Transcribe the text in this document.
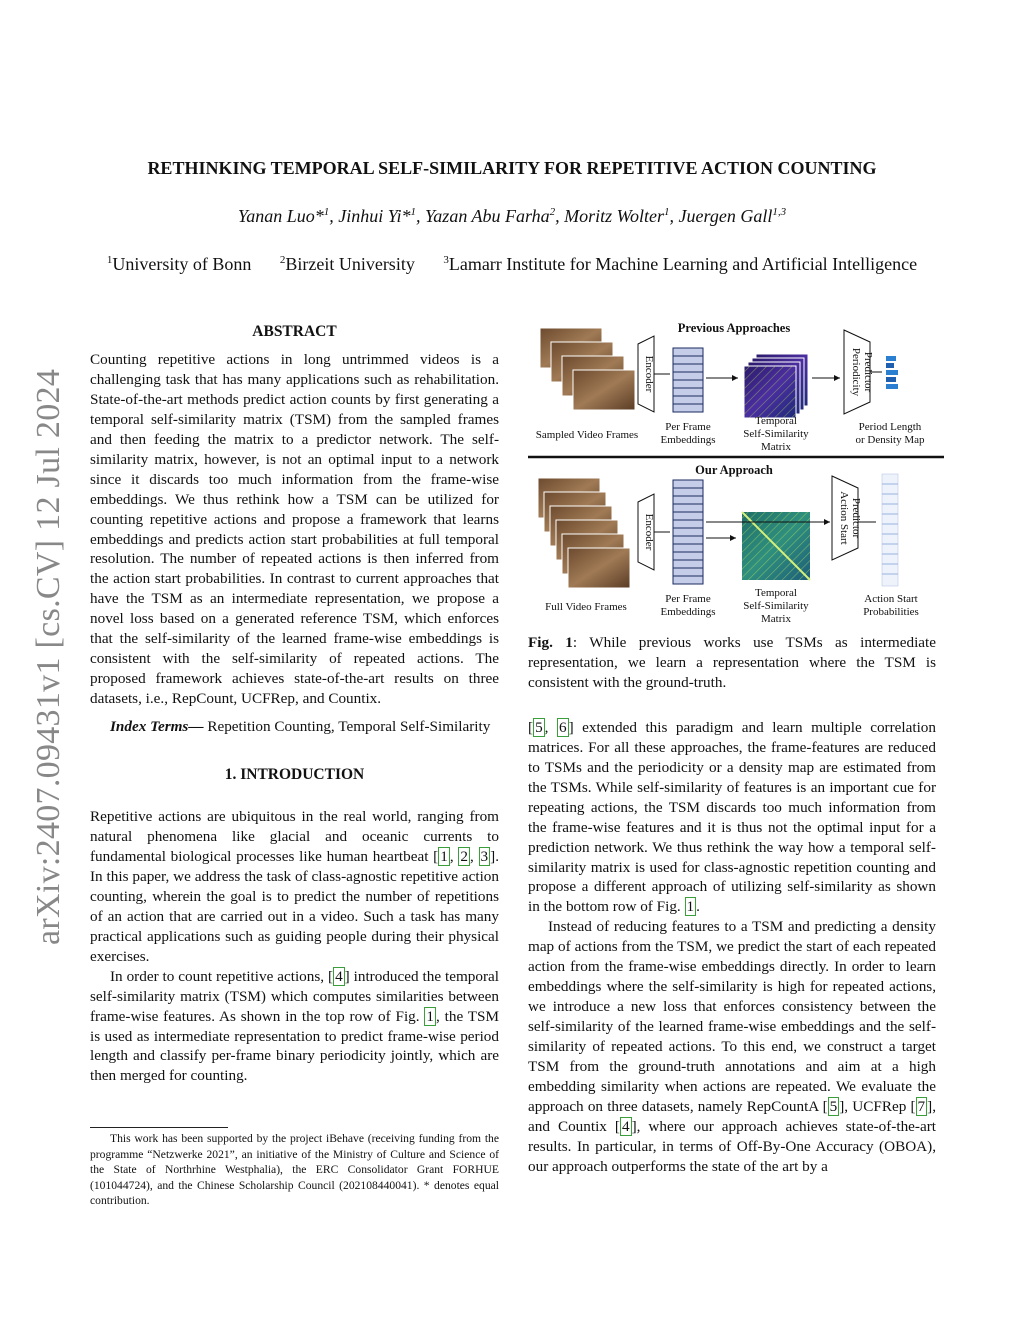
arXiv:2407.09431v1 [cs.CV] 12 Jul 2024
RETHINKING TEMPORAL SELF-SIMILARITY FOR REPETITIVE ACTION COUNTING
Yanan Luo*$^1$, Jinhui Yi*$^1$, Yazan Abu Farha$^2$, Moritz Wolter$^1$, Juergen Gall$^{1,3}$
$^1$University of Bonn	$^2$Birzeit University	$^3$Lamarr Institute for Machine Learning and Artificial Intelligence
ABSTRACT

Counting repetitive actions in long untrimmed videos is a challenging task that has many applications such as rehabilitation. State-of-the-art methods predict action counts by first generating a temporal self-similarity matrix (TSM) from the sampled frames and then feeding the matrix to a predictor network. The self-similarity matrix, however, is not an optimal input to a network since it discards too much information from the frame-wise embeddings. We thus rethink how a TSM can be utilized for counting repetitive actions and propose a framework that learns embeddings and predicts action start probabilities at full temporal resolution. The number of repeated actions is then inferred from the action start probabilities. In contrast to current approaches that have the TSM as an intermediate representation, we propose a novel loss based on a generated reference TSM, which enforces that the self-similarity of the learned frame-wise embeddings is consistent with the self-similarity of repeated actions. The proposed framework achieves state-of-the-art results on three datasets, i.e., RepCount, UCFRep, and Countix.

Index Terms— Repetition Counting, Temporal Self-Similarity

1. INTRODUCTION

Repetitive actions are ubiquitous in the real world, ranging from natural phenomena like glacial and oceanic currents to fundamental biological processes like human heartbeat [ 1 , 2 , 3 ]. In this paper, we address the task of class-agnostic repetitive action counting, wherein the goal is to predict the number of repetitions of an action that are carried out in a video. Such a task has many practical applications such as guiding people during their physical exercises.

In order to count repetitive actions, [ 4 ] introduced the temporal self-similarity matrix (TSM) which computes similarities between frame-wise features. As shown in the top row of Fig. 1 , the TSM is used as intermediate representation to predict frame-wise period length and classify per-frame binary periodicity jointly, which are then merged for counting.

This work has been supported by the project iBehave (receiving funding from the programme “Netzwerke 2021”, an initiative of the Ministry of Culture and Science of the State of Northrhine Westphalia), the ERC Consolidator Grant FORHUE (101044724), and the Chinese Scholarship Council (202108440041). * denotes equal contribution.

Previous Approaches
Sampled Video Frames
Encoder
Per Frame
Embeddings
Temporal
Self-Similarity
Matrix
Periodicity Predictor
Period Length
or Density Map
Our Approach
Full Video Frames
Encoder
Per Frame
Embeddings
Temporal
Self-Similarity
Matrix
Action Start Predictor
Action Start
Probabilities

Fig. 1: While previous works use TSMs as intermediate representation, we learn a representation where the TSM is consistent with the ground-truth.

[ 5 , 6 ] extended this paradigm and learn multiple correlation matrices. For all these approaches, the frame-features are reduced to TSMs and the periodicity or a density map are estimated from the TSMs. While self-similarity of features is an important cue for repeating actions, the TSM discards too much information from the frame-wise features and it is thus not the optimal input for a prediction network. We thus rethink the way how a temporal self-similarity matrix is used for class-agnostic repetition counting and propose a different approach of utilizing self-similarity as shown in the bottom row of Fig. 1 .

Instead of reducing features to a TSM and predicting a density map of actions from the TSM, we predict the start of each repeated action from the frame-wise embeddings directly. In order to learn embeddings where the self-similarity is high for repeated actions, we introduce a new loss that enforces consistency between the self-similarity of the learned frame-wise embeddings and the self-similarity of repeated actions. To this end, we construct a target TSM from the ground-truth annotations and aim at a high embedding similarity when actions are repeated. We evaluate the approach on three datasets, namely RepCountA [ 5 ], UCFRep [ 7 ], and Countix [ 4 ], where our approach achieves state-of-the-art results. In particular, in terms of Off-By-One Accuracy (OBOA), our approach outperforms the state of the art by a
